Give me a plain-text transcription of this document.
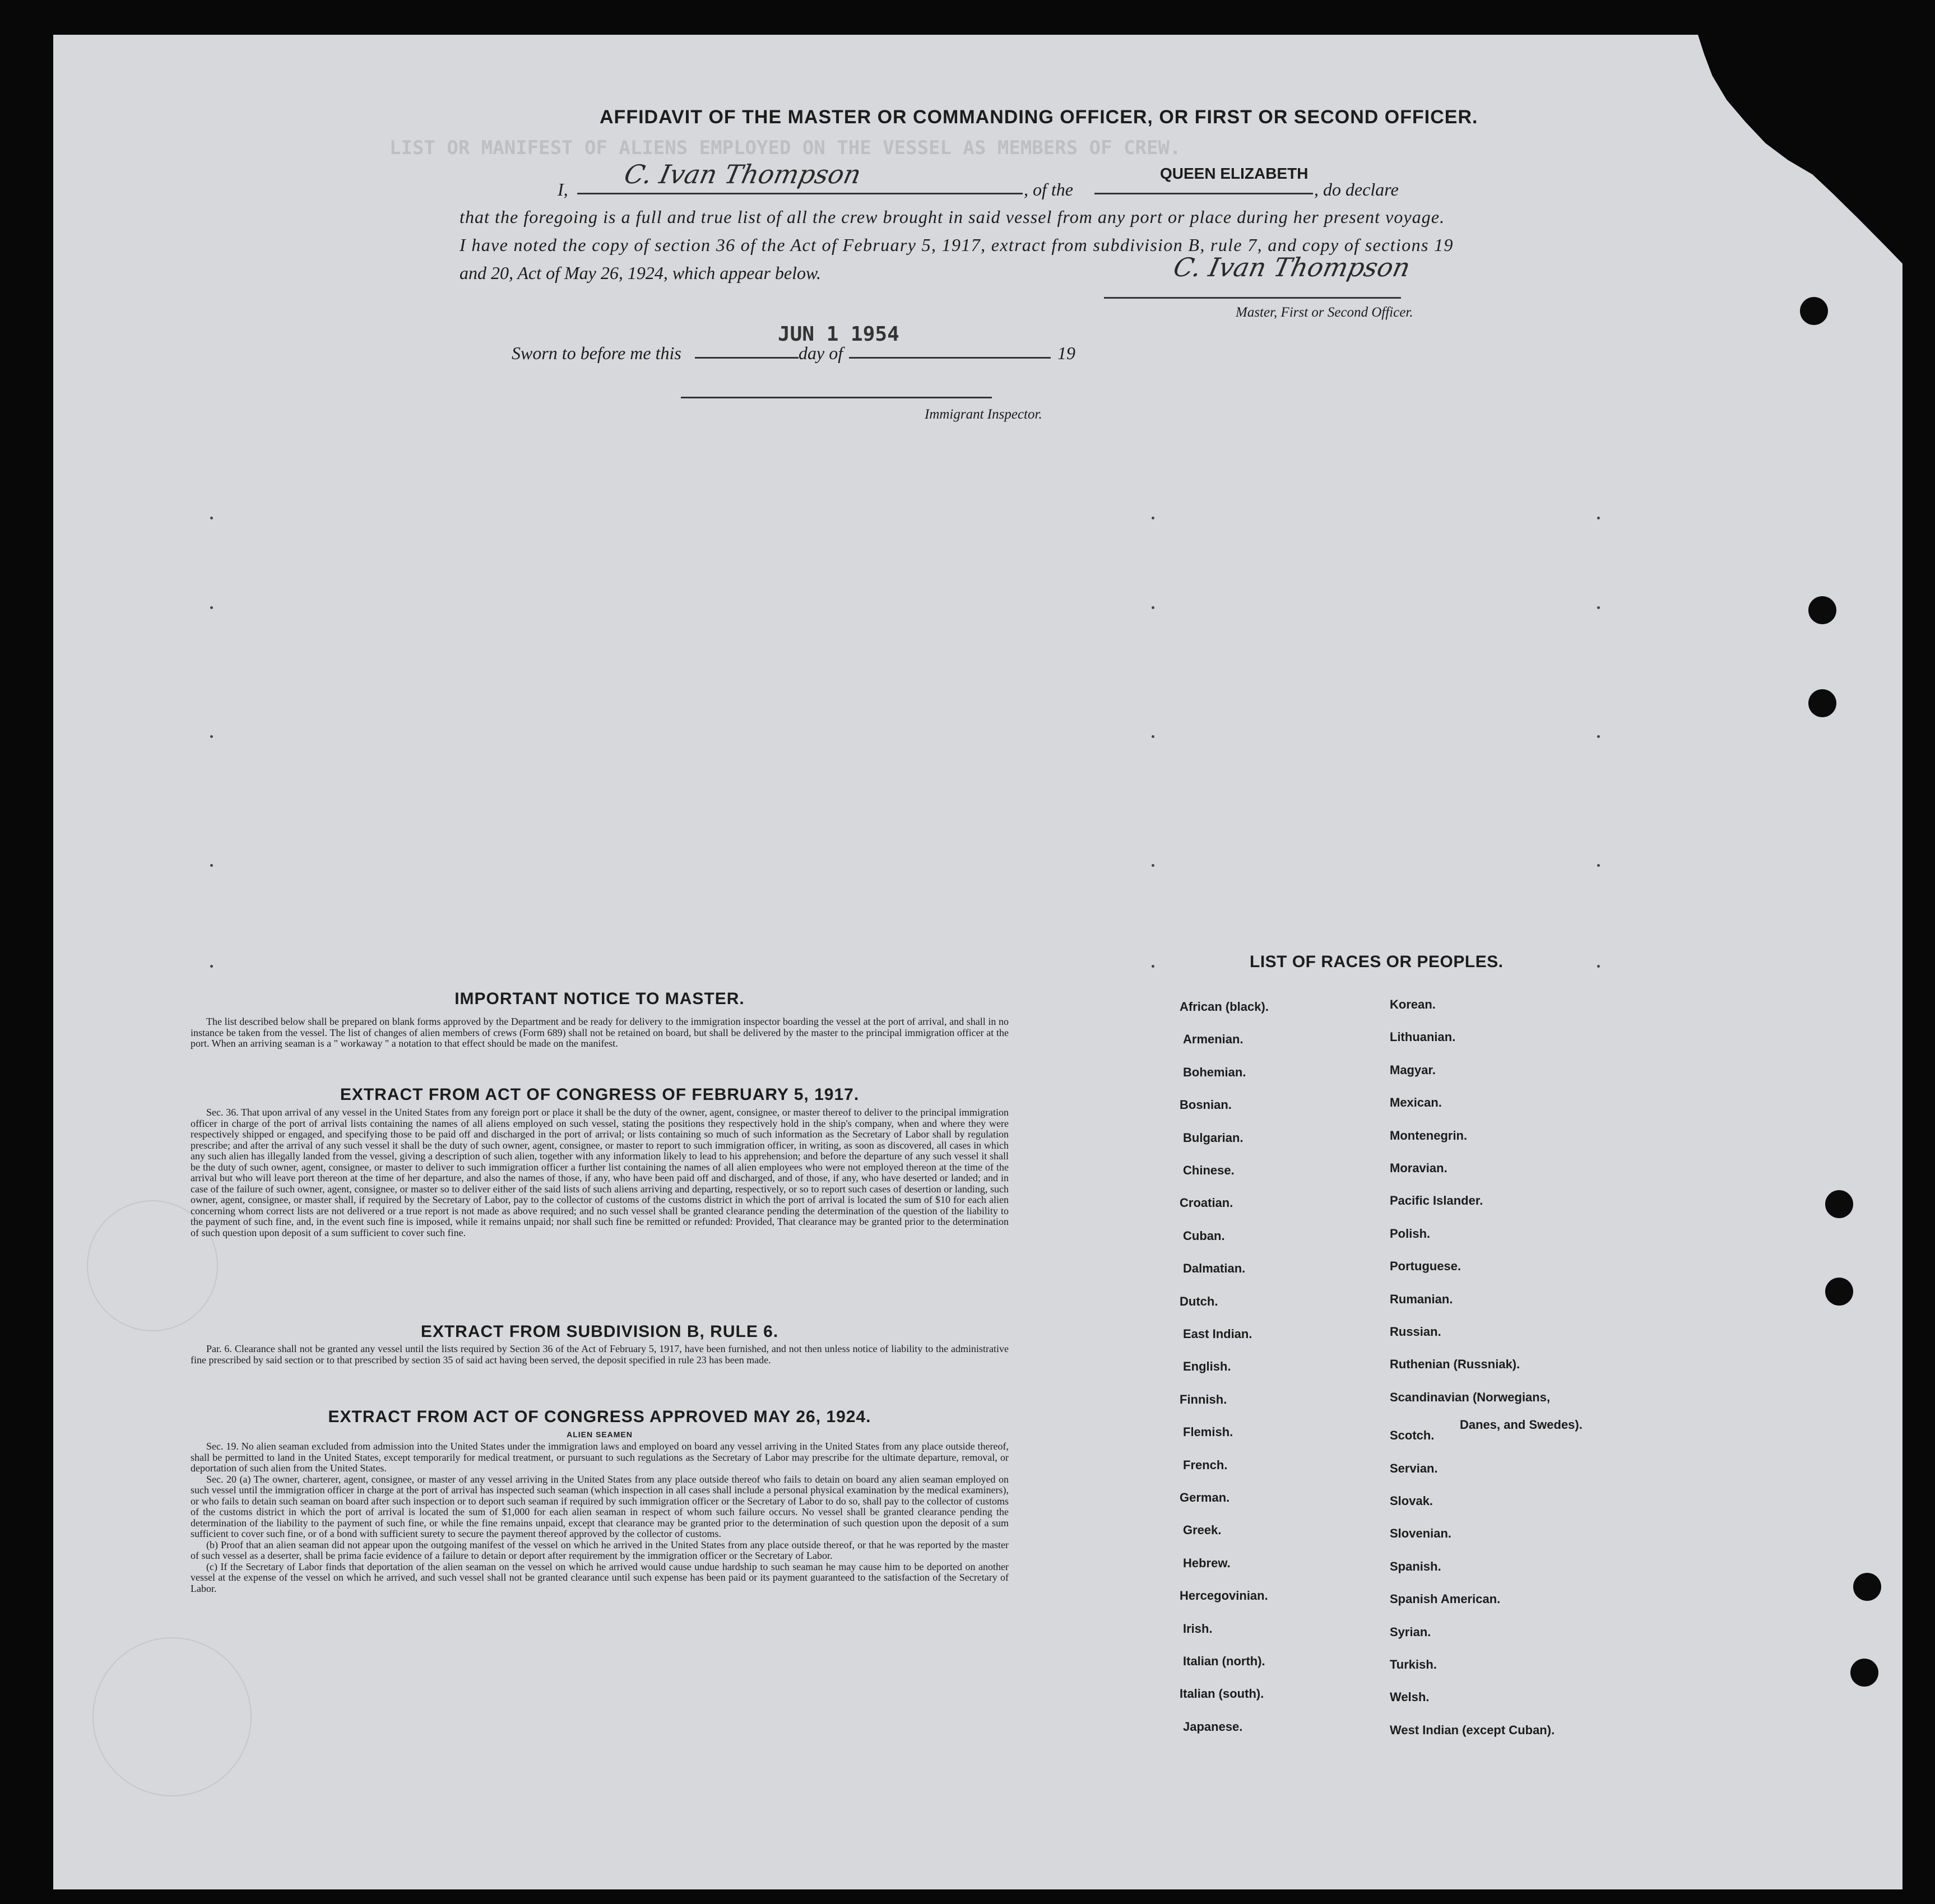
LIST OR MANIFEST OF ALIENS EMPLOYED ON THE VESSEL AS MEMBERS OF CREW.
AFFIDAVIT OF THE MASTER OR COMMANDING OFFICER, OR FIRST OR SECOND OFFICER.
I, C. Ivan Thompson	, of the
QUEEN ELIZABETH
, do declare
that the foregoing is a full and true list of all the crew brought in said vessel from any port or place during her present voyage.
I have noted the copy of section 36 of the Act of February 5, 1917, extract from subdivision B, rule 7, and copy of sections 19
and 20, Act of May 26, 1924, which appear below.	C. Ivan Thompson
Master, First or Second Officer.
JUN 1 1954
Sworn to before me this	day of	19
Immigrant Inspector.
IMPORTANT NOTICE TO MASTER.

The list described below shall be prepared on blank forms approved by the Department and be ready for delivery to the immigration inspector boarding the vessel at the port of arrival, and shall in no instance be taken from the vessel. The list of changes of alien members of crews (Form 689) shall not be retained on board, but shall be delivered by the master to the principal immigration officer at the port. When an arriving seaman is a " workaway " a notation to that effect should be made on the manifest.

EXTRACT FROM ACT OF CONGRESS OF FEBRUARY 5, 1917.

Sec. 36. That upon arrival of any vessel in the United States from any foreign port or place it shall be the duty of the owner, agent, consignee, or master thereof to deliver to the principal immigration officer in charge of the port of arrival lists containing the names of all aliens employed on such vessel, stating the positions they respectively hold in the ship's company, when and where they were respectively shipped or engaged, and specifying those to be paid off and discharged in the port of arrival; or lists containing so much of such information as the Secretary of Labor shall by regulation prescribe; and after the arrival of any such vessel it shall be the duty of such owner, agent, consignee, or master to report to such immigration officer, in writing, as soon as discovered, all cases in which any such alien has illegally landed from the vessel, giving a description of such alien, together with any information likely to lead to his apprehension; and before the departure of any such vessel it shall be the duty of such owner, agent, consignee, or master to deliver to such immigration officer a further list containing the names of all alien employees who were not employed thereon at the time of the arrival but who will leave port thereon at the time of her departure, and also the names of those, if any, who have been paid off and discharged, and of those, if any, who have deserted or landed; and in case of the failure of such owner, agent, consignee, or master so to deliver either of the said lists of such aliens arriving and departing, respectively, or so to report such cases of desertion or landing, such owner, agent, consignee, or master shall, if required by the Secretary of Labor, pay to the collector of customs of the customs district in which the port of arrival is located the sum of $10 for each alien concerning whom correct lists are not delivered or a true report is not made as above required; and no such vessel shall be granted clearance pending the determination of the question of the liability to the payment of such fine, and, in the event such fine is imposed, while it remains unpaid; nor shall such fine be remitted or refunded: Provided, That clearance may be granted prior to the determination of such question upon deposit of a sum sufficient to cover such fine.

EXTRACT FROM SUBDIVISION B, RULE 6.

Par. 6. Clearance shall not be granted any vessel until the lists required by Section 36 of the Act of February 5, 1917, have been furnished, and not then unless notice of liability to the administrative fine prescribed by said section or to that prescribed by section 35 of said act having been served, the deposit specified in rule 23 has been made.

EXTRACT FROM ACT OF CONGRESS APPROVED MAY 26, 1924.
ALIEN SEAMEN

Sec. 19. No alien seaman excluded from admission into the United States under the immigration laws and employed on board any vessel arriving in the United States from any place outside thereof, shall be permitted to land in the United States, except temporarily for medical treatment, or pursuant to such regulations as the Secretary of Labor may prescribe for the ultimate departure, removal, or deportation of such alien from the United States.

Sec. 20 (a) The owner, charterer, agent, consignee, or master of any vessel arriving in the United States from any place outside thereof who fails to detain on board any alien seaman employed on such vessel until the immigration officer in charge at the port of arrival has inspected such seaman (which inspection in all cases shall include a personal physical examination by the medical examiners), or who fails to detain such seaman on board after such inspection or to deport such seaman if required by such immigration officer or the Secretary of Labor to do so, shall pay to the collector of customs of the customs district in which the port of arrival is located the sum of $1,000 for each alien seaman in respect of whom such failure occurs. No vessel shall be granted clearance pending the determination of the liability to the payment of such fine, or while the fine remains unpaid, except that clearance may be granted prior to the determination of such question upon the deposit of a sum sufficient to cover such fine, or of a bond with sufficient surety to secure the payment thereof approved by the collector of customs.

(b) Proof that an alien seaman did not appear upon the outgoing manifest of the vessel on which he arrived in the United States from any place outside thereof, or that he was reported by the master of such vessel as a deserter, shall be prima facie evidence of a failure to detain or deport after requirement by the immigration officer or the Secretary of Labor.

(c) If the Secretary of Labor finds that deportation of the alien seaman on the vessel on which he arrived would cause undue hardship to such seaman he may cause him to be deported on another vessel at the expense of the vessel on which he arrived, and such vessel shall not be granted clearance until such expense has been paid or its payment guaranteed to the satisfaction of the Secretary of Labor.

LIST OF RACES OR PEOPLES.
Danes, and Swedes).
African (black).
Armenian.
Bohemian.
Bosnian.
Bulgarian.
Chinese.
Croatian.
Cuban.
Dalmatian.
Dutch.
East Indian.
English.
Finnish.
Flemish.
French.
German.
Greek.
Hebrew.
Hercegovinian.
Irish.
Italian (north).
Italian (south).
Japanese.
Korean.
Lithuanian.
Magyar.
Mexican.
Montenegrin.
Moravian.
Pacific Islander.
Polish.
Portuguese.
Rumanian.
Russian.
Ruthenian (Russniak).
Scandinavian (Norwegians,
Scotch.
Servian.
Slovak.
Slovenian.
Spanish.
Spanish American.
Syrian.
Turkish.
Welsh.
West Indian (except Cuban).
